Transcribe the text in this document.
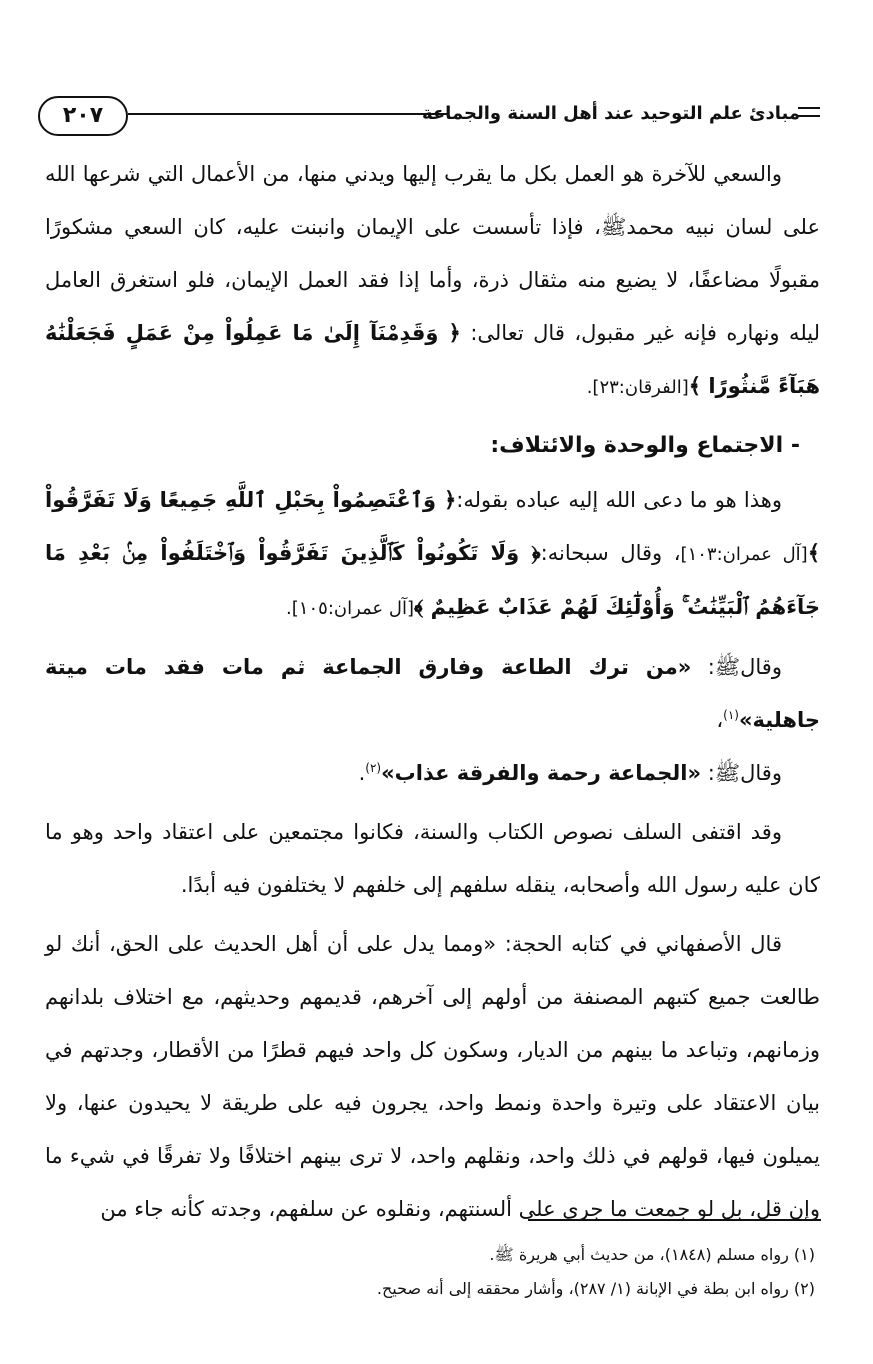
٢٠٧	مبادئ علم التوحيد عند أهل السنة والجماعة

والسعي للآخرة هو العمل بكل ما يقرب إليها ويدني منها، من الأعمال التي شرعها الله على لسان نبيه محمدﷺ، فإذا تأسست على الإيمان وانبنت عليه، كان السعي مشكورًا مقبولًا مضاعفًا، لا يضيع منه مثقال ذرة، وأما إذا فقد العمل الإيمان، فلو استغرق العامل ليله ونهاره فإنه غير مقبول، قال تعالى: ﴿ وَقَدِمْنَآ إِلَىٰ مَا عَمِلُواْ مِنْ عَمَلٍ فَجَعَلْنَٰهُ هَبَآءً مَّنثُورًا ﴾[الفرقان:٢٣].

- الاجتماع والوحدة والائتلاف:

وهذا هو ما دعى الله إليه عباده بقوله:﴿ وَٱعْتَصِمُواْ بِحَبْلِ ٱللَّهِ جَمِيعًا وَلَا تَفَرَّقُواْ ﴾[آل عمران:١٠٣]، وقال سبحانه:﴿ وَلَا تَكُونُواْ كَٱلَّذِينَ تَفَرَّقُواْ وَٱخْتَلَفُواْ مِنۢ بَعْدِ مَا جَآءَهُمُ ٱلْبَيِّنَٰتُ ۚ وَأُوْلَٰٓئِكَ لَهُمْ عَذَابٌ عَظِيمٌ ﴾[آل عمران:١٠٥].

وقالﷺ: «من ترك الطاعة وفارق الجماعة ثم مات فقد مات ميتة جاهلية»$^{(١)}$،

وقالﷺ: «الجماعة رحمة والفرقة عذاب»$^{(٢)}$.

وقد اقتفى السلف نصوص الكتاب والسنة، فكانوا مجتمعين على اعتقاد واحد وهو ما كان عليه رسول الله وأصحابه، ينقله سلفهم إلى خلفهم لا يختلفون فيه أبدًا.

قال الأصفهاني في كتابه الحجة: «ومما يدل على أن أهل الحديث على الحق، أنك لو طالعت جميع كتبهم المصنفة من أولهم إلى آخرهم، قديمهم وحديثهم، مع اختلاف بلدانهم وزمانهم، وتباعد ما بينهم من الديار، وسكون كل واحد فيهم قطرًا من الأقطار، وجدتهم في بيان الاعتقاد على وتيرة واحدة ونمط واحد، يجرون فيه على طريقة لا يحيدون عنها، ولا يميلون فيها، قولهم في ذلك واحد، ونقلهم واحد، لا ترى بينهم اختلافًا ولا تفرقًا في شيء ما وإن قل، بل لو جمعت ما جرى على ألسنتهم، ونقلوه عن سلفهم، وجدته كأنه جاء من

(١) رواه مسلم (١٨٤٨)، من حديث أبي هريرة ﷺ.
(٢) رواه ابن بطة في الإبانة (١/ ٢٨٧)، وأشار محققه إلى أنه صحيح.
